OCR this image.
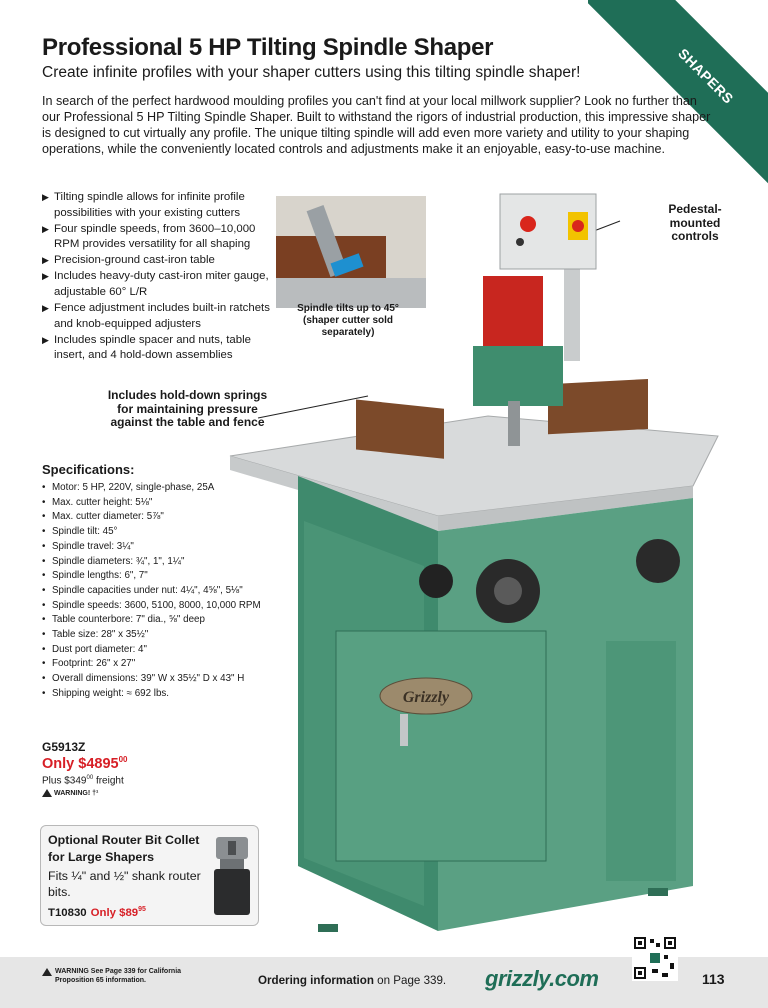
SHAPERS
Professional 5 HP Tilting Spindle Shaper
Create infinite profiles with your shaper cutters using this tilting spindle shaper!

In search of the perfect hardwood moulding profiles you can't find at your local millwork supplier? Look no further than our Professional 5 HP Tilting Spindle Shaper. Built to withstand the rigors of industrial production, this impressive shaper is designed to cut virtually any profile. The unique tilting spindle will add even more variety and utility to your shaping operations, while the conveniently located controls and adjustments make it an enjoyable, easy-to-use machine.

▶ Tilting spindle allows for infinite profile possibilities with your existing cutters
▶ Four spindle speeds, from 3600–10,000 RPM provides versatility for all shaping
▶ Precision-ground cast-iron table
▶ Includes heavy-duty cast-iron miter gauge, adjustable 60° L/R
▶ Fence adjustment includes built-in ratchets and knob-equipped adjusters
▶ Includes spindle spacer and nuts, table insert, and 4 hold-down assemblies
Grizzly
Spindle tilts up to 45° (shaper cutter sold separately)
Includes hold-down springs for maintaining pressure against the table and fence
Pedestal-mounted controls
Specifications:
• Motor: 5 HP, 220V, single-phase, 25A
• Max. cutter height: 5⅛"
• Max. cutter diameter: 5⅞"
• Spindle tilt: 45°
• Spindle travel: 3¼"
• Spindle diameters: ¾", 1", 1¼"
• Spindle lengths: 6", 7"
• Spindle capacities under nut: 4¼", 4⅝", 5⅛"
• Spindle speeds: 3600, 5100, 8000, 10,000 RPM
• Table counterbore: 7" dia., ⅝" deep
• Table size: 28" x 35½"
• Dust port diameter: 4"
• Footprint: 26" x 27"
• Overall dimensions: 39" W x 35½" D x 43" H
• Shipping weight: ≈ 692 lbs.
G5913Z
Only $4895$^{00}$
Plus $\$349^{00}$ freight
WARNING! †¹
Optional Router Bit Collet for Large Shapers
Fits ¼" and ½" shank router bits.
T10830 Only $\$89^{95}$
WARNING See Page 339 for California Proposition 65 information.	Ordering information on Page 339. grizzly.com	113
